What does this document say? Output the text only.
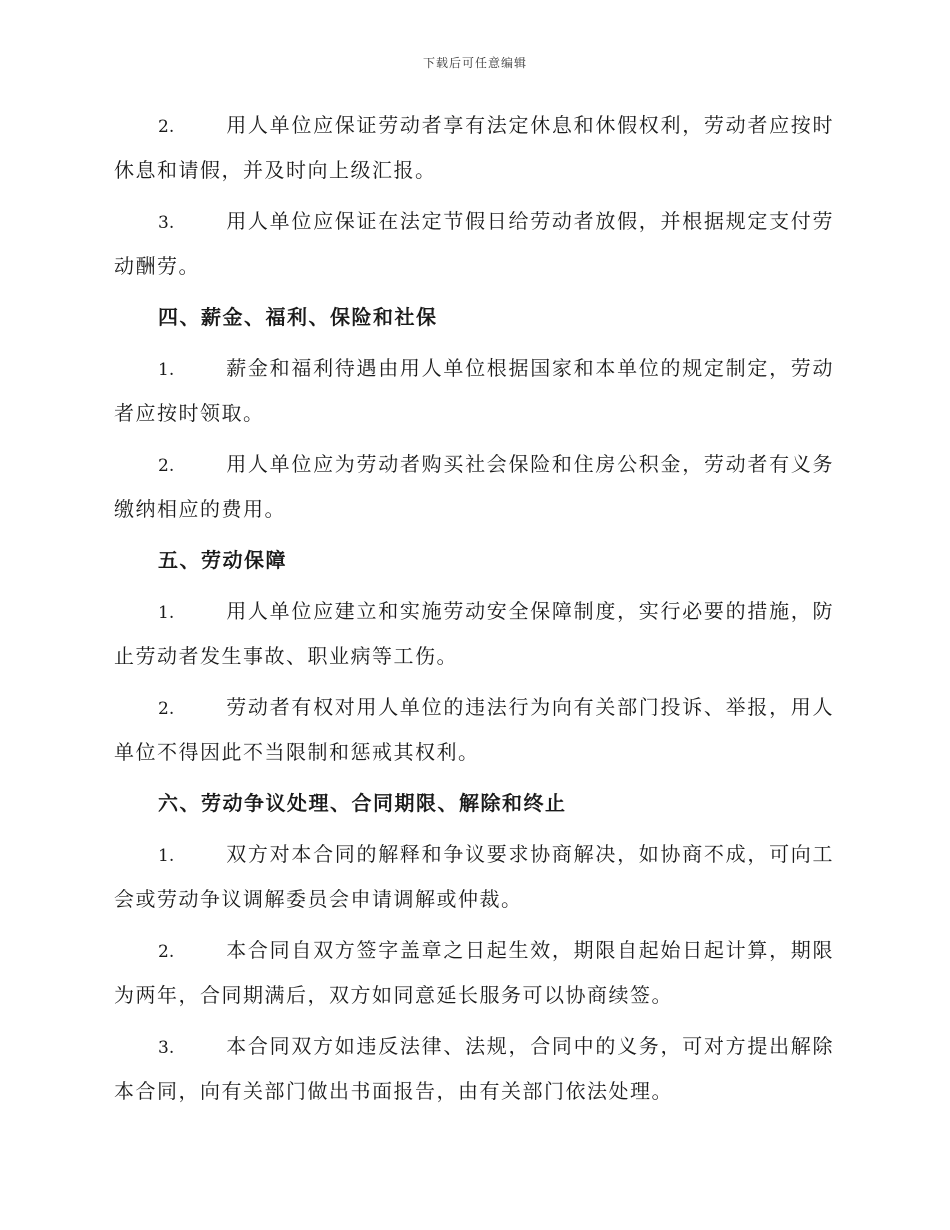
下载后可任意编辑

2.	用人单位应保证劳动者享有法定休息和休假权利，劳动者应按时休息和请假，并及时向上级汇报。

3.	用人单位应保证在法定节假日给劳动者放假，并根据规定支付劳动酬劳。

四、薪金、福利、保险和社保

1.	薪金和福利待遇由用人单位根据国家和本单位的规定制定，劳动者应按时领取。

2.	用人单位应为劳动者购买社会保险和住房公积金，劳动者有义务缴纳相应的费用。

五、劳动保障

1.	用人单位应建立和实施劳动安全保障制度，实行必要的措施，防止劳动者发生事故、职业病等工伤。

2.	劳动者有权对用人单位的违法行为向有关部门投诉、举报，用人单位不得因此不当限制和惩戒其权利。

六、劳动争议处理、合同期限、解除和终止

1.	双方对本合同的解释和争议要求协商解决，如协商不成，可向工会或劳动争议调解委员会申请调解或仲裁。

2.	本合同自双方签字盖章之日起生效，期限自起始日起计算，期限为两年，合同期满后，双方如同意延长服务可以协商续签。

3.	本合同双方如违反法律、法规，合同中的义务，可对方提出解除本合同，向有关部门做出书面报告，由有关部门依法处理。
